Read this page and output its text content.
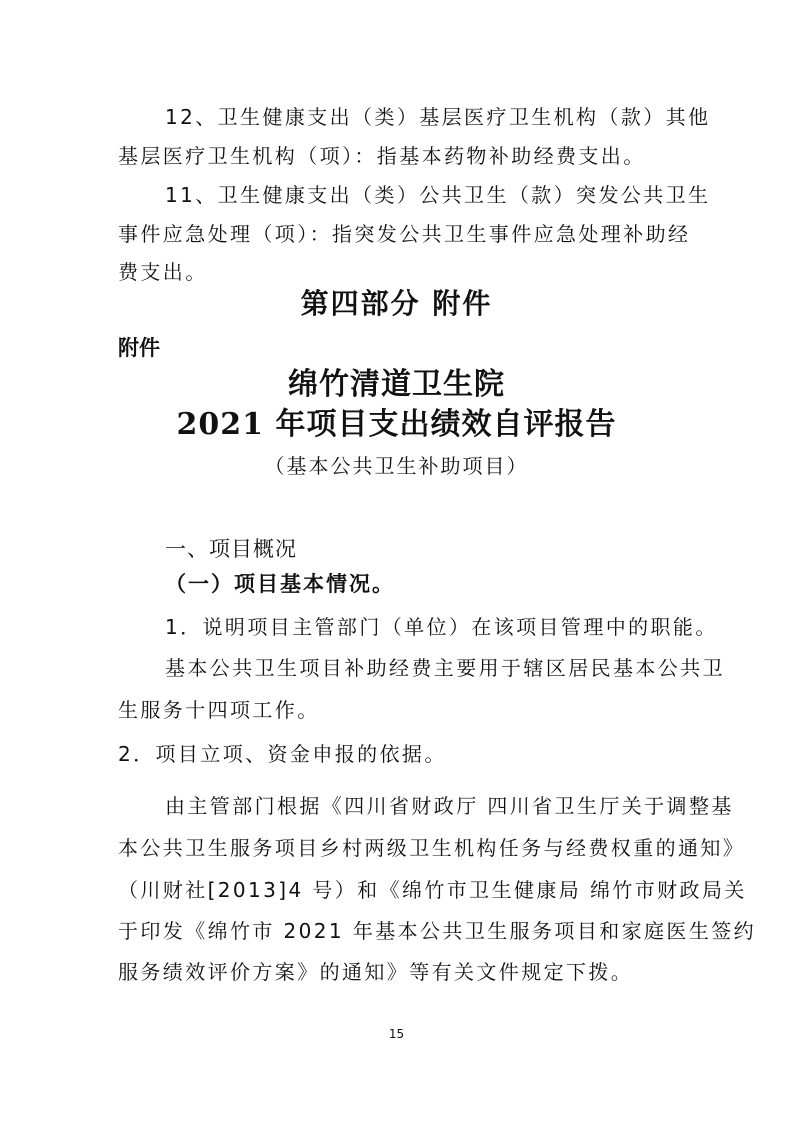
12、卫生健康支出（类）基层医疗卫生机构（款）其他

基层医疗卫生机构（项）：指基本药物补助经费支出。

11、卫生健康支出（类）公共卫生（款）突发公共卫生

事件应急处理（项）：指突发公共卫生事件应急处理补助经

费支出。

第四部分 附件

附件

绵竹清道卫生院

2021 年项目支出绩效自评报告

（基本公共卫生补助项目）

一、项目概况

（一）项目基本情况。

1．说明项目主管部门（单位）在该项目管理中的职能。

基本公共卫生项目补助经费主要用于辖区居民基本公共卫

生服务十四项工作。

2．项目立项、资金申报的依据。

由主管部门根据《四川省财政厅 四川省卫生厅关于调整基

本公共卫生服务项目乡村两级卫生机构任务与经费权重的通知》

（川财社[2013]4 号）和《绵竹市卫生健康局 绵竹市财政局关

于印发《绵竹市 2021 年基本公共卫生服务项目和家庭医生签约

服务绩效评价方案》的通知》等有关文件规定下拨。

15
